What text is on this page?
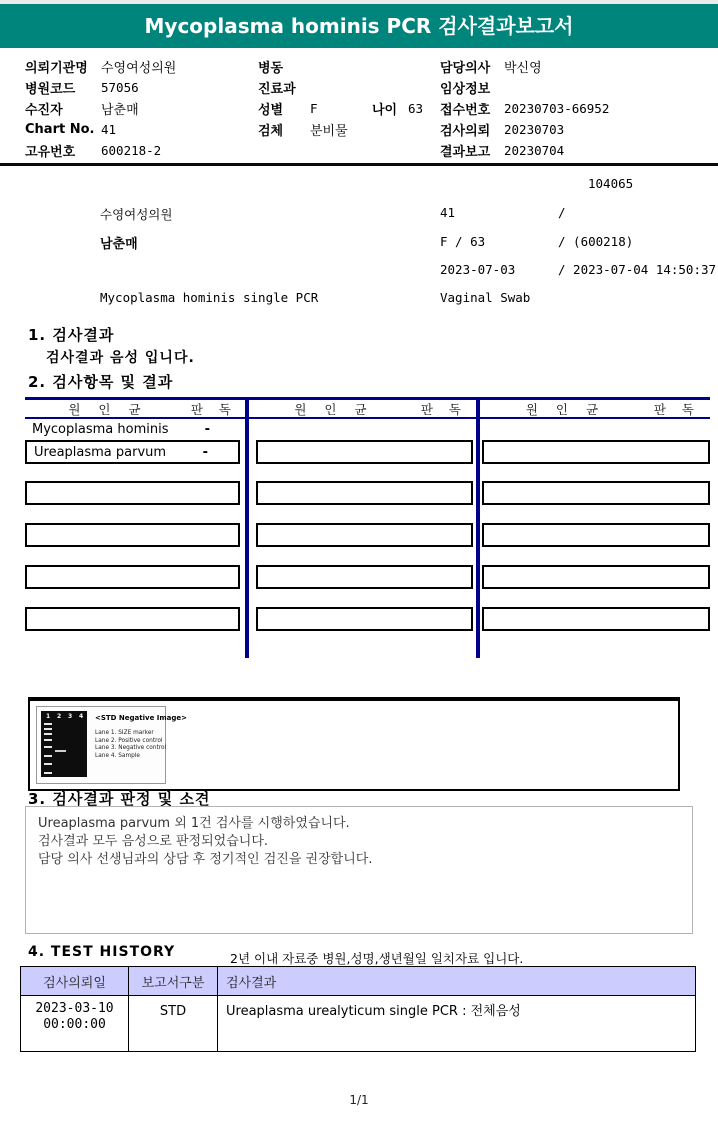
Mycoplasma hominis PCR 검사결과보고서
의뢰기관명	수영여성의원
병원코드	57056
수진자	남춘매
Chart No. 41
고유번호	600218-2
병동
진료과
성별	F	나이 63
검체	분비물
담당의사	박신영
임상정보
접수번호	20230703-66952
검사의뢰	20230703
결과보고	20230704
104065
수영여성의원	41	/
남춘매	F / 63	/ (600218)
2023-07-03	/ 2023-07-04 14:50:37
Mycoplasma hominis single PCR	Vaginal Swab
1. 검사결과
검사결과 음성 입니다.
2. 검사항목 및 결과
원 인 균	판 독	원 인 균	판 독	원 인 균	판 독
Mycoplasma hominis	-
Ureaplasma parvum	-
1 2 3 4 <STD Negative Image>
Lane 1. SIZE marker
Lane 2. Positive control
Lane 3. Negative control
Lane 4. Sample
3. 검사결과 판정 및 소견
Ureaplasma parvum 외 1건 검사를 시행하였습니다.
검사결과 모두 음성으로 판정되었습니다.
담당 의사 선생님과의 상담 후 정기적인 검진을 권장합니다.
4. TEST HISTORY	2년 이내 자료중 병원,성명,생년월일 일치자료 입니다.
검사의뢰일	보고서구분	검사결과

2023-03-10
00:00:00	STD	Ureaplasma urealyticum single PCR : 전체음성
1/1
